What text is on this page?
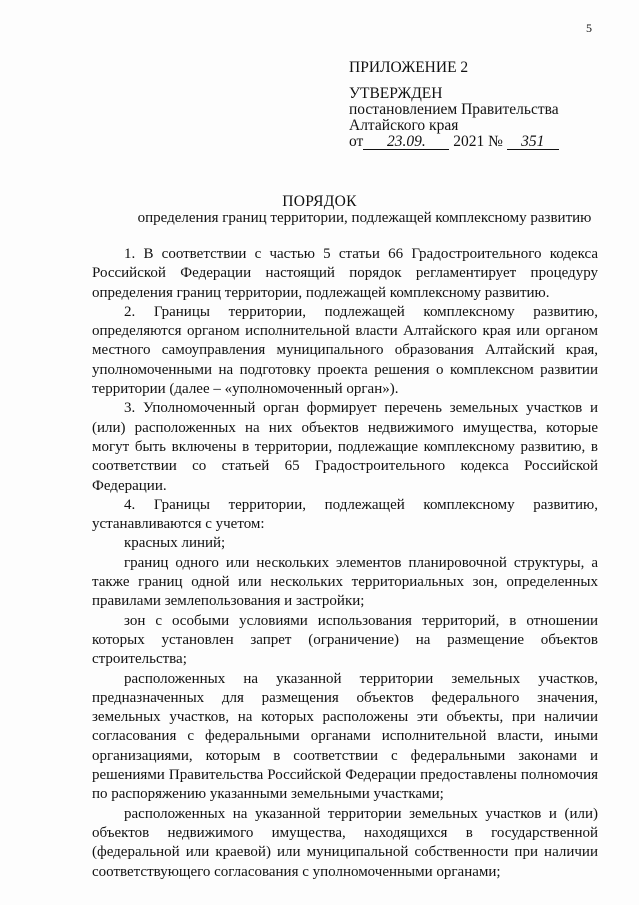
5
ПРИЛОЖЕНИЕ 2
УТВЕРЖДЕН
постановлением Правительства
Алтайского края
от 23.09. 2021 № 351
ПОРЯДОК
определения границ территории, подлежащей комплексному развитию

1. В соответствии с частью 5 статьи 66 Градостроительного кодекса Российской Федерации настоящий порядок регламентирует процедуру определения границ территории, подлежащей комплексному развитию.

2. Границы территории, подлежащей комплексному развитию, определяются органом исполнительной власти Алтайского края или органом местного самоуправления муниципального образования Алтайский края, уполномоченными на подготовку проекта решения о комплексном развитии территории (далее – «уполномоченный орган»).

3. Уполномоченный орган формирует перечень земельных участков и (или) расположенных на них объектов недвижимого имущества, которые могут быть включены в территории, подлежащие комплексному развитию, в соответствии со статьей 65 Градостроительного кодекса Российской Федерации.

4. Границы территории, подлежащей комплексному развитию, устанавливаются с учетом:

красных линий;

границ одного или нескольких элементов планировочной структуры, а также границ одной или нескольких территориальных зон, определенных правилами землепользования и застройки;

зон с особыми условиями использования территорий, в отношении которых установлен запрет (ограничение) на размещение объектов строительства;

расположенных на указанной территории земельных участков, предназначенных для размещения объектов федерального значения, земельных участков, на которых расположены эти объекты, при наличии согласования с федеральными органами исполнительной власти, иными организациями, которым в соответствии с федеральными законами и решениями Правительства Российской Федерации предоставлены полномочия по распоряжению указанными земельными участками;

расположенных на указанной территории земельных участков и (или) объектов недвижимого имущества, находящихся в государственной (федеральной или краевой) или муниципальной собственности при наличии соответствующего согласования с уполномоченными органами;
